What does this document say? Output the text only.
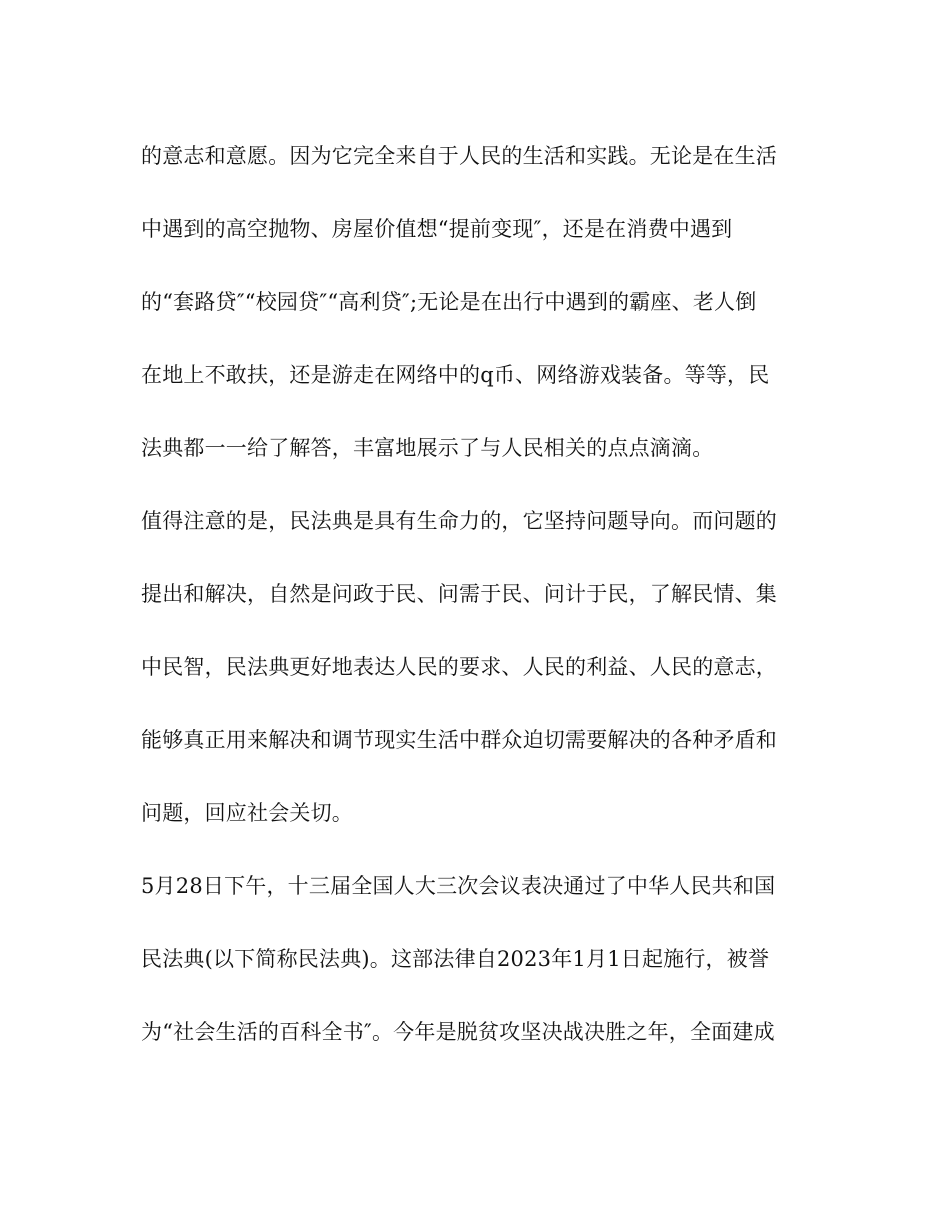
的意志和意愿。因为它完全来自于人民的生活和实践。无论是在生活
中遇到的高空抛物、房屋价值想“提前变现″，还是在消费中遇到
的“套路贷″“校园贷″“高利贷″;无论是在出行中遇到的霸座、老人倒
在地上不敢扶，还是游走在网络中的q币、网络游戏装备。等等，民
法典都一一给了解答，丰富地展示了与人民相关的点点滴滴。
值得注意的是，民法典是具有生命力的，它坚持问题导向。而问题的
提出和解决，自然是问政于民、问需于民、问计于民，了解民情、集
中民智，民法典更好地表达人民的要求、人民的利益、人民的意志，
能够真正用来解决和调节现实生活中群众迫切需要解决的各种矛盾和
问题，回应社会关切。
5月28日下午，十三届全国人大三次会议表决通过了中华人民共和国
民法典(以下简称民法典)。这部法律自2023年1月1日起施行，被誉
为“社会生活的百科全书″。今年是脱贫攻坚决战决胜之年，全面建成
